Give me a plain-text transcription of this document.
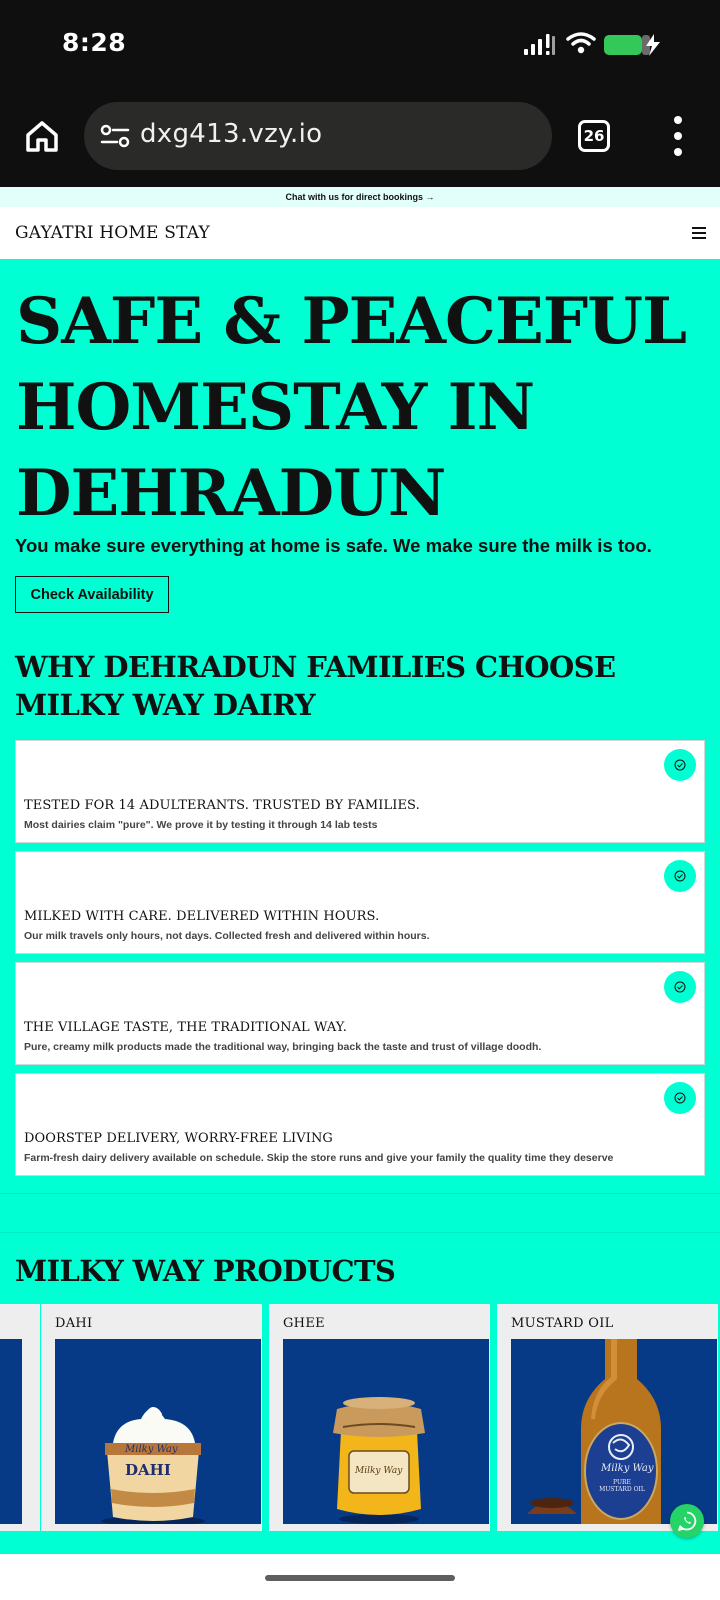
8:28
dxg413.vzy.io	26
Chat with us for direct bookings →
GAYATRI HOME STAY
SAFE & PEACEFUL HOMESTAY IN DEHRADUN

You make sure everything at home is safe. We make sure the milk is too.

Check Availability
WHY DEHRADUN FAMILIES CHOOSE MILKY WAY DAIRY
TESTED FOR 14 ADULTERANTS. TRUSTED BY FAMILIES.
Most dairies claim "pure". We prove it by testing it through 14 lab tests
MILKED WITH CARE. DELIVERED WITHIN HOURS.
Our milk travels only hours, not days. Collected fresh and delivered within hours.
THE VILLAGE TASTE, THE TRADITIONAL WAY.
Pure, creamy milk products made the traditional way, bringing back the taste and trust of village doodh.
DOORSTEP DELIVERY, WORRY-FREE LIVING
Farm-fresh dairy delivery available on schedule. Skip the store runs and give your family the quality time they deserve
MILKY WAY PRODUCTS
DAHI
Milky Way
DAHI
GHEE
Milky Way
MUSTARD OIL
Milky Way
PURE MUSTARD OIL
